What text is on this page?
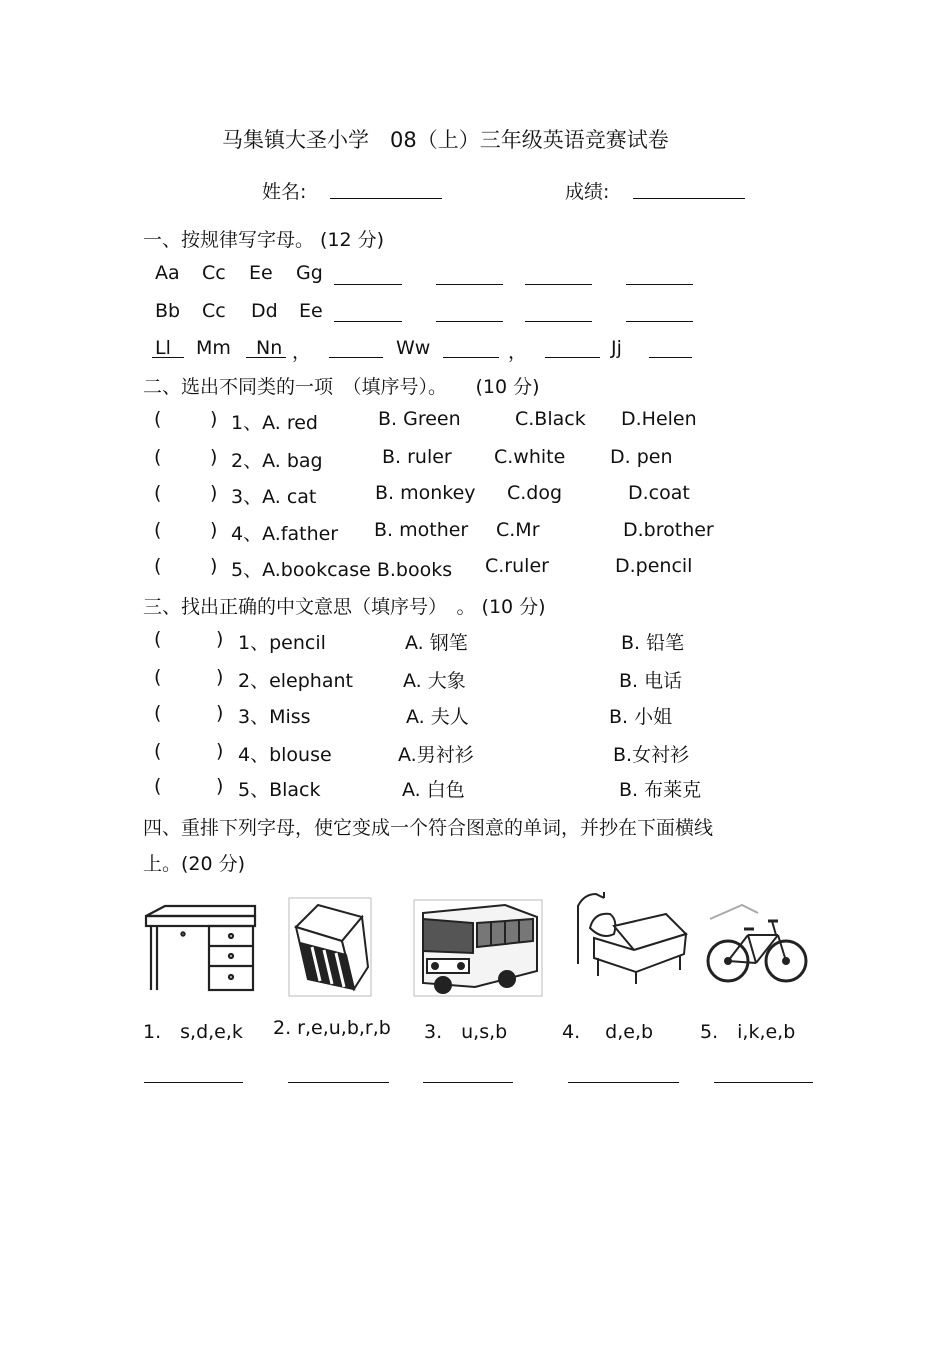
马集镇大圣小学　08（上）三年级英语竞赛试卷
姓名:	成绩:
一、按规律写字母。 (12 分)
Aa Cc Ee Gg
Bb Cc Dd Ee
Ll Mm Nn ，	Ww	，	Jj
二、选出不同类的一项　（填序号）。　　(10 分)
(	) 1、A. red	B. Green	C.Black D.Helen
(	) 2、A. bag	B. ruler C.white D. pen
(	) 3、A. cat	B. monkey C.dog	D.coat
(	) 4、A.father B. mother C.Mr	D.brother
(	) 5、A.bookcase B.books C.ruler	D.pencil
三、找出正确的中文意思（填序号）　。 (10 分)
(	) 1、pencil	A. 钢笔	B. 铅笔
(	) 2、elephant	A. 大象	B. 电话
(	) 3、Miss	A. 夫人	B. 小姐
(	) 4、blouse	A.男衬衫	B.女衬衫
(	) 5、Black	A. 白色	B. 布莱克
四、重排下列字母，使它变成一个符合图意的单词，并抄在下面横线
上。(20 分)
1.　s,d,e,k 2. r,e,u,b,r,b 3.　u,s,b	4.　 d,e,b 5.　i,k,e,b
